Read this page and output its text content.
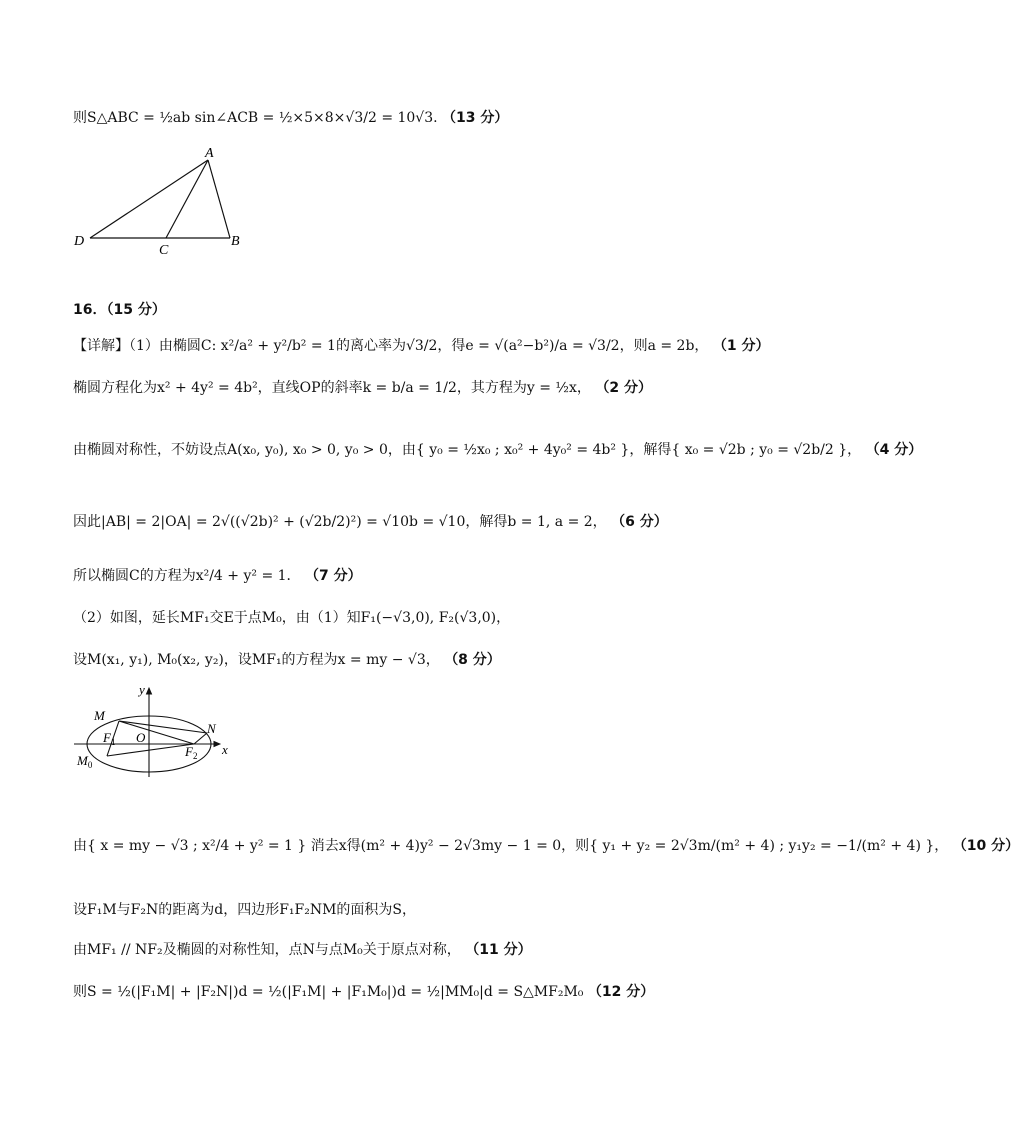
则S△ABC = ½ab sin∠ACB = ½×5×8×√3/2 = 10√3. （13 分）
A
D
C
B
16．（15 分）
【详解】（1）由椭圆C: x²/a² + y²/b² = 1的离心率为√3/2，得e = √(a²−b²)/a = √3/2，则a = 2b， （1 分）
椭圆方程化为x² + 4y² = 4b²，直线OP的斜率k = b/a = 1/2，其方程为y = ½x， （2 分）
由椭圆对称性，不妨设点A(x₀, y₀), x₀ > 0, y₀ > 0，由{ y₀ = ½x₀ ; x₀² + 4y₀² = 4b² }，解得{ x₀ = √2b ; y₀ = √2b/2 }， （4 分）
因此|AB| = 2|OA| = 2√((√2b)² + (√2b/2)²) = √10b = √10，解得b = 1, a = 2， （6 分）
所以椭圆C的方程为x²/4 + y² = 1． （7 分）
（2）如图，延长MF₁交E于点M₀，由（1）知F₁(−√3,0), F₂(√3,0)，
设M(x₁, y₁), M₀(x₂, y₂)，设MF₁的方程为x = my − √3， （8 分）
y
x
M
N
O
$F_1$
$F_2$
$M_0$
由{ x = my − √3 ; x²/4 + y² = 1 } 消去x得(m² + 4)y² − 2√3my − 1 = 0，则{ y₁ + y₂ = 2√3m/(m² + 4) ; y₁y₂ = −1/(m² + 4) }， （10 分）
设F₁M与F₂N的距离为d，四边形F₁F₂NM的面积为S，
由MF₁ // NF₂及椭圆的对称性知，点N与点M₀关于原点对称， （11 分）
则S = ½(|F₁M| + |F₂N|)d = ½(|F₁M| + |F₁M₀|)d = ½|MM₀|d = S△MF₂M₀ （12 分）
